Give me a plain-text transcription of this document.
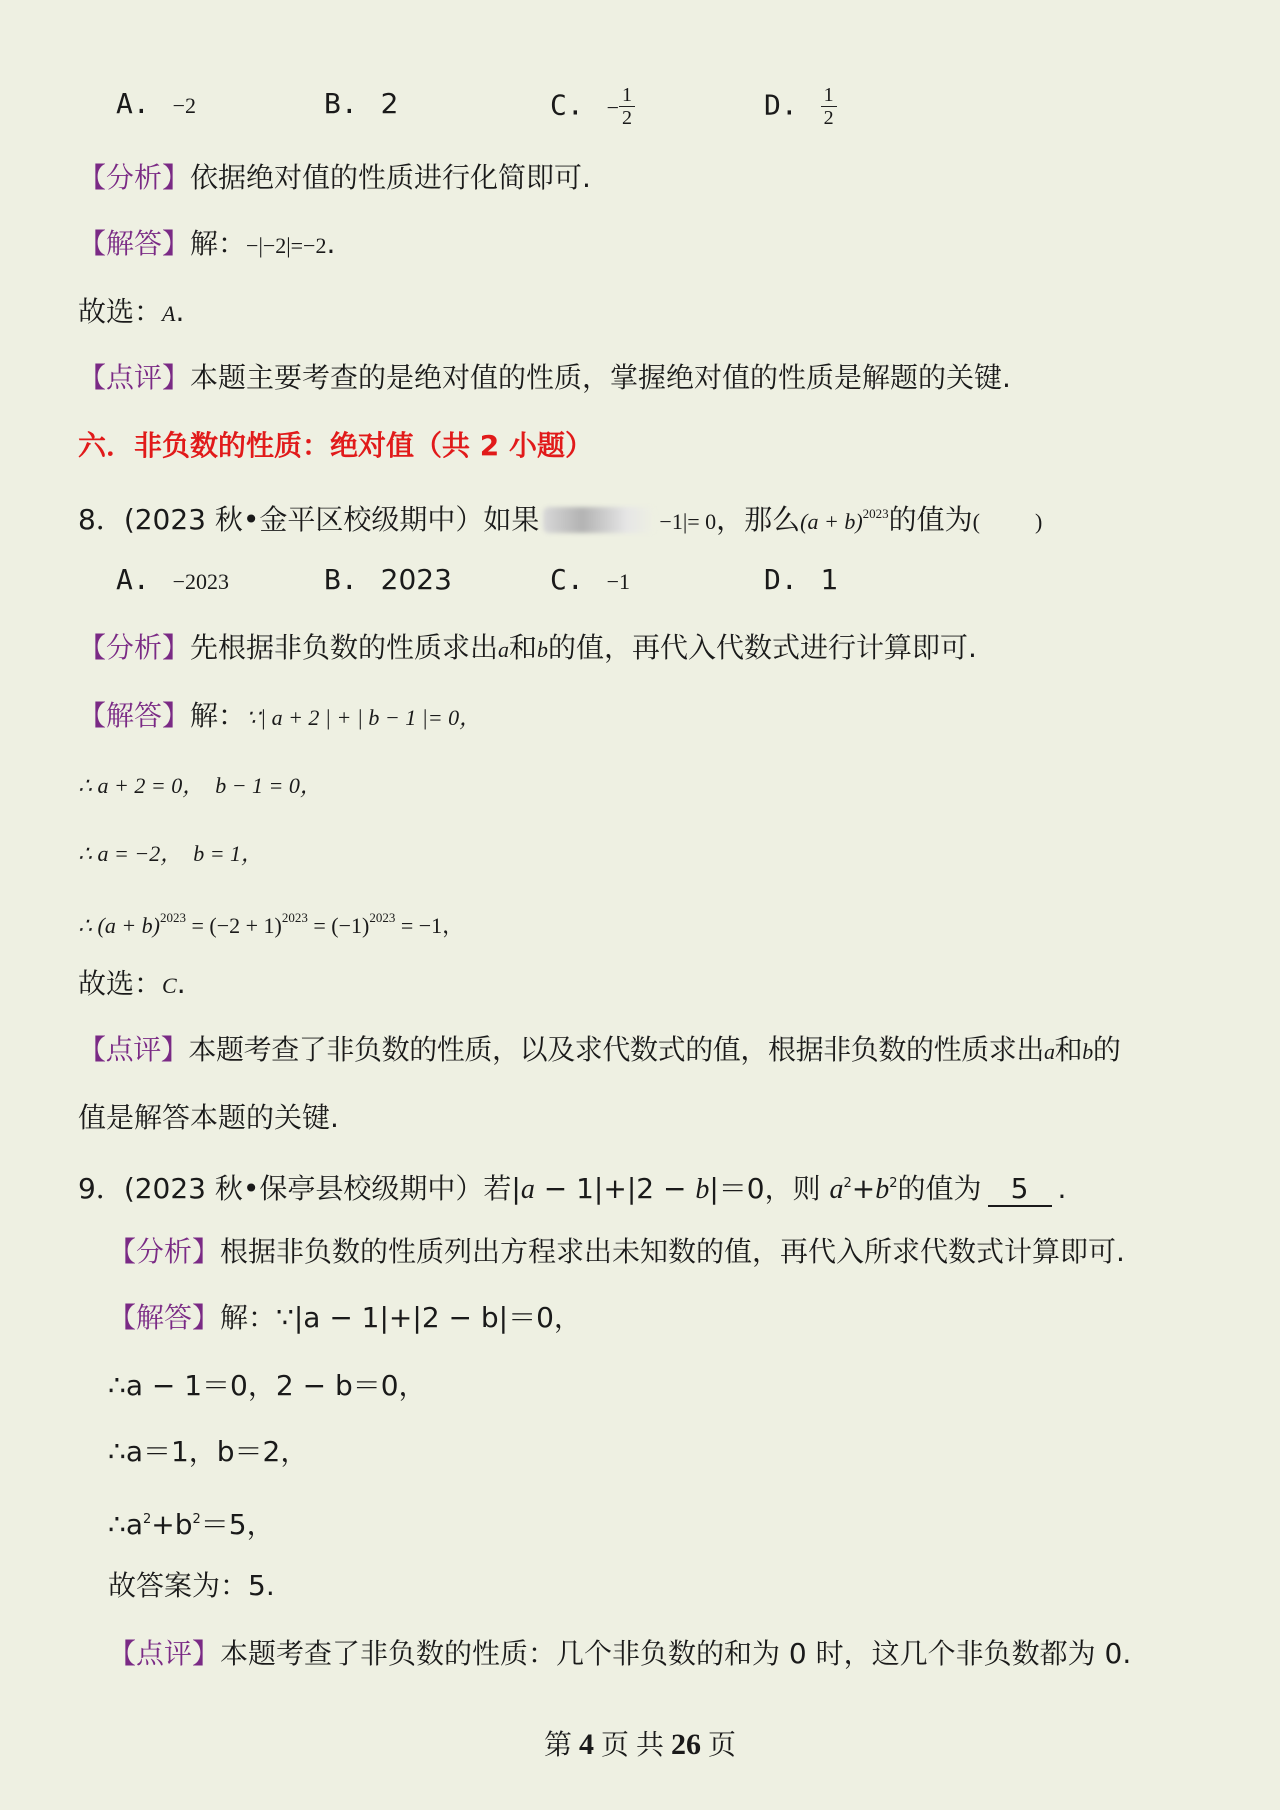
A. −2	B. 2	C. − $\frac{1}{2}$	D. $\frac{1}{2}$
【分析】依据绝对值的性质进行化简即可.
【解答】解：−|−2|=−2.
故选：A.
【点评】本题主要考查的是绝对值的性质，掌握绝对值的性质是解题的关键.
六．非负数的性质：绝对值（共 2 小题）
8．(2023 秋•金平区校级期中）如果	−1|= 0，那么$(a + b)^{2023}$的值为(          )
A. −2023	B. 2023	C. −1	D. 1
【分析】先根据非负数的性质求出a和b的值，再代入代数式进行计算即可.
【解答】解：∵| a + 2 | + | b − 1 |= 0，
∴ a + 2 = 0，  b − 1 = 0，
∴ a = −2，  b = 1，
∴ $(a + b)^{2023} = (-2 + 1)^{2023} = (-1)^{2023} = -1$，
故选：C.
【点评】本题考查了非负数的性质，以及求代数式的值，根据非负数的性质求出a和b的
值是解答本题的关键.
9．(2023 秋•保亭县校级期中）若|a − 1|+|2 − b|＝0，则 $a^2+b^2$的值为 5 .
【分析】根据非负数的性质列出方程求出未知数的值，再代入所求代数式计算即可.
【解答】解：∵|a − 1|+|2 − b|＝0，
∴a − 1＝0，2 − b＝0，
∴a＝1，b＝2，
$\therefore a^2+b^2=5$，
故答案为：5.
【点评】本题考查了非负数的性质：几个非负数的和为 0 时，这几个非负数都为 0.
第 4 页 共 26 页
